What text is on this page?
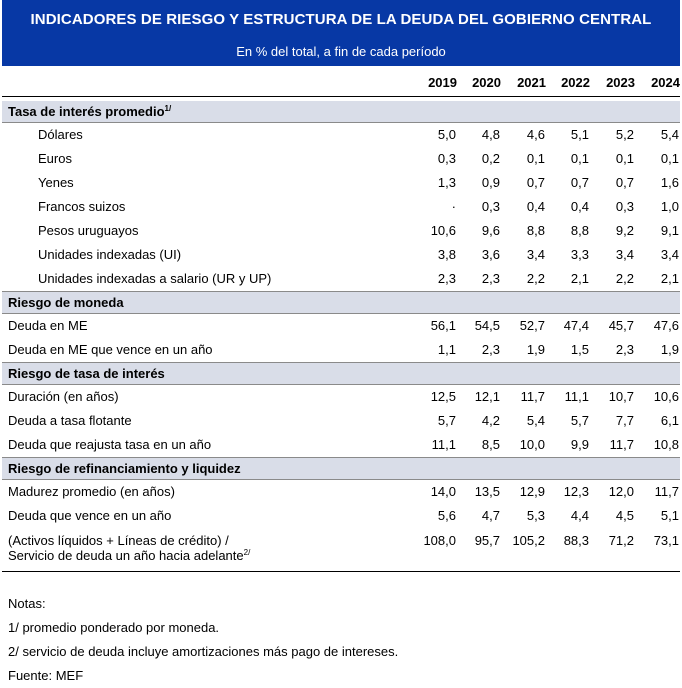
INDICADORES DE RIESGO Y ESTRUCTURA DE LA DEUDA DEL GOBIERNO CENTRAL
En % del total, a fin de cada período
	2019	2020	2021	2022	2023	2024

Tasa de interés promedio$^{1/}$
Dólares	5,0	4,8	4,6	5,1	5,2	5,4
Euros	0,3	0,2	0,1	0,1	0,1	0,1
Yenes	1,3	0,9	0,7	0,7	0,7	1,6
Francos suizos	·	0,3	0,4	0,4	0,3	1,0
Pesos uruguayos	10,6	9,6	8,8	8,8	9,2	9,1
Unidades indexadas (UI)	3,8	3,6	3,4	3,3	3,4	3,4
Unidades indexadas a salario (UR y UP)	2,3	2,3	2,2	2,1	2,2	2,1
Riesgo de moneda						
Deuda en ME	56,1	54,5	52,7	47,4	45,7	47,6
Deuda en ME que vence en un año	1,1	2,3	1,9	1,5	2,3	1,9
Riesgo de tasa de interés						
Duración (en años)	12,5	12,1	11,7	11,1	10,7	10,6
Deuda a tasa flotante	5,7	4,2	5,4	5,7	7,7	6,1
Deuda que reajusta tasa en un año	11,1	8,5	10,0	9,9	11,7	10,8
Riesgo de refinanciamiento y liquidez						
Madurez promedio (en años)	14,0	13,5	12,9	12,3	12,0	11,7
Deuda que vence en un año	5,6	4,7	5,3	4,4	4,5	5,1
(Activos líquidos + Líneas de crédito) /
Servicio de deuda un año hacia adelante$^{2/}$	108,0	95,7	105,2	88,3	71,2	73,1
Notas:
1/ promedio ponderado por moneda.
2/ servicio de deuda incluye amortizaciones más pago de intereses.
Fuente: MEF
